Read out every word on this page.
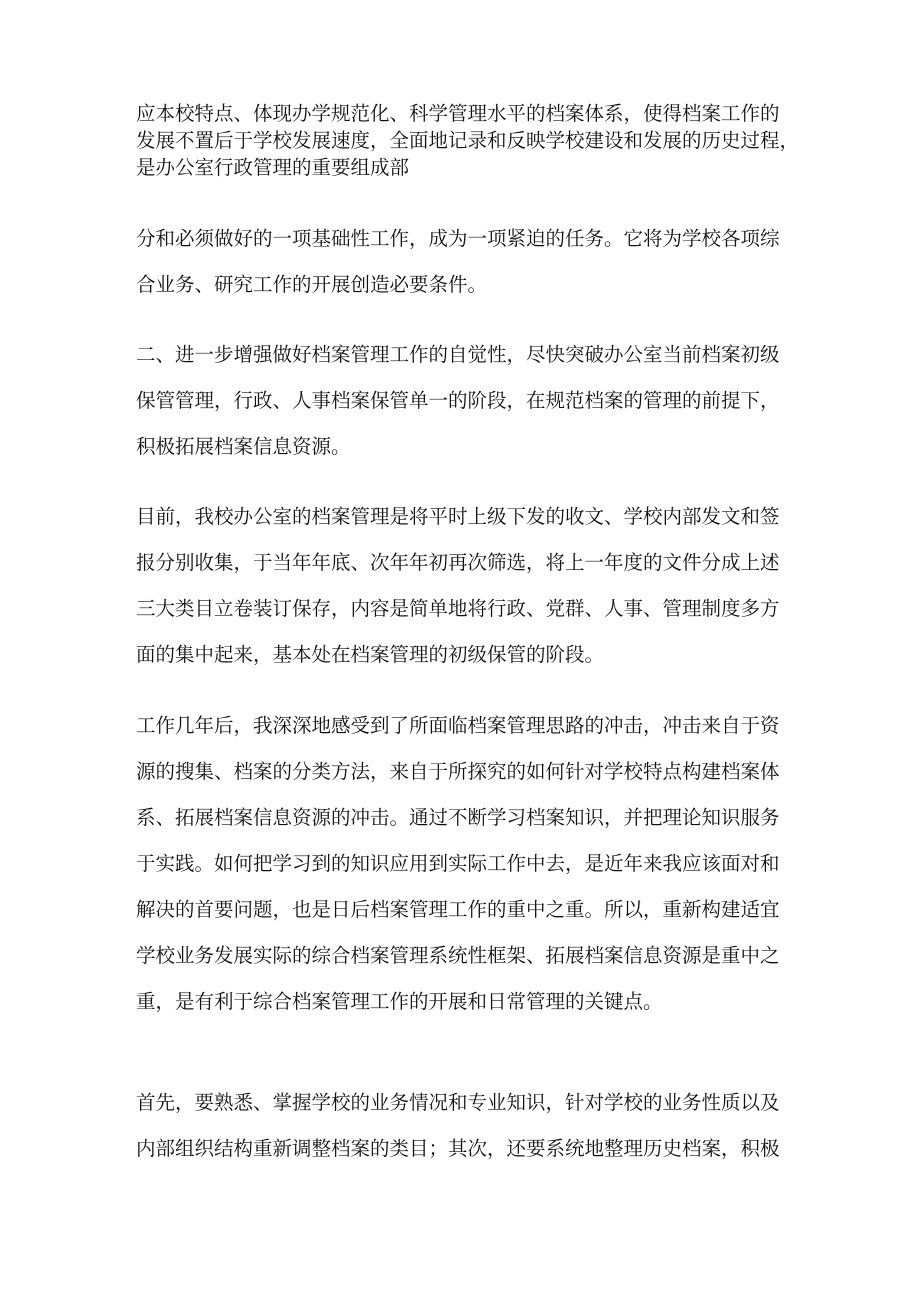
应本校特点、体现办学规范化、科学管理水平的档案体系，使得档案工作的
发展不置后于学校发展速度，全面地记录和反映学校建设和发展的历史过程，
是办公室行政管理的重要组成部

分和必须做好的一项基础性工作，成为一项紧迫的任务。它将为学校各项综
合业务、研究工作的开展创造必要条件。

二、进一步增强做好档案管理工作的自觉性，尽快突破办公室当前档案初级
保管管理，行政、人事档案保管单一的阶段，在规范档案的管理的前提下，
积极拓展档案信息资源。

目前，我校办公室的档案管理是将平时上级下发的收文、学校内部发文和签
报分别收集，于当年年底、次年年初再次筛选，将上一年度的文件分成上述
三大类目立卷装订保存，内容是简单地将行政、党群、人事、管理制度多方
面的集中起来，基本处在档案管理的初级保管的阶段。

工作几年后，我深深地感受到了所面临档案管理思路的冲击，冲击来自于资
源的搜集、档案的分类方法，来自于所探究的如何针对学校特点构建档案体
系、拓展档案信息资源的冲击。通过不断学习档案知识，并把理论知识服务
于实践。如何把学习到的知识应用到实际工作中去，是近年来我应该面对和
解决的首要问题，也是日后档案管理工作的重中之重。所以，重新构建适宜
学校业务发展实际的综合档案管理系统性框架、拓展档案信息资源是重中之
重，是有利于综合档案管理工作的开展和日常管理的关键点。

首先，要熟悉、掌握学校的业务情况和专业知识，针对学校的业务性质以及
内部组织结构重新调整档案的类目；其次，还要系统地整理历史档案，积极
